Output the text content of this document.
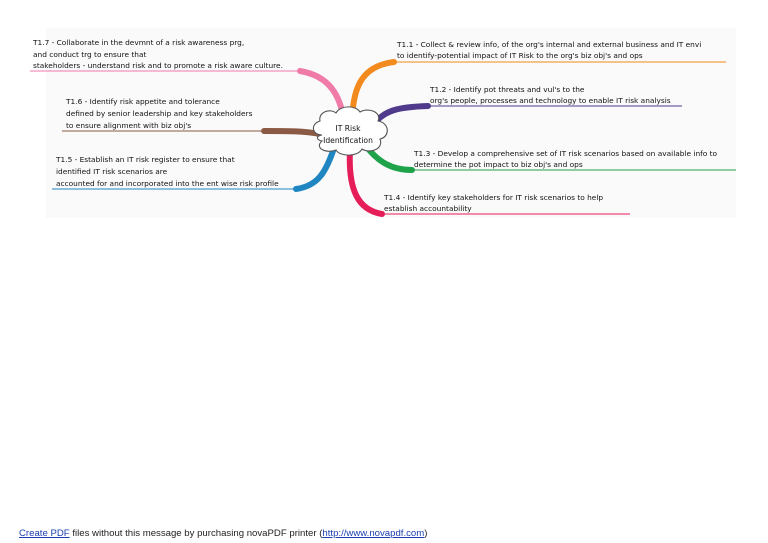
IT Risk
Identification
T1.1 - Collect & review info, of the org's internal and external business and IT envi
to identify-potential impact of IT Risk to the org's biz obj's and ops
T1.2 - Identify pot threats and vul's to the
org's people, processes and technology to enable IT risk analysis
T1.3 - Develop a comprehensive set of IT risk scenarios based on available info to
determine the pot impact to biz obj's and ops
T1.4 - Identify key stakeholders for IT risk scenarios to help
establish accountability
T1.5 - Establish an IT risk register to ensure that
identified IT risk scenarios are
accounted for and incorporated into the ent wise risk profile
T1.6 - Identify risk appetite and tolerance
defined by senior leadership and key stakeholders
to ensure alignment with biz obj's
T1.7 - Collaborate in the devmnt of a risk awareness prg,
and conduct trg to ensure that
stakeholders - understand risk and to promote a risk aware culture.
Create PDF files without this message by purchasing novaPDF printer (http://www.novapdf.com)
